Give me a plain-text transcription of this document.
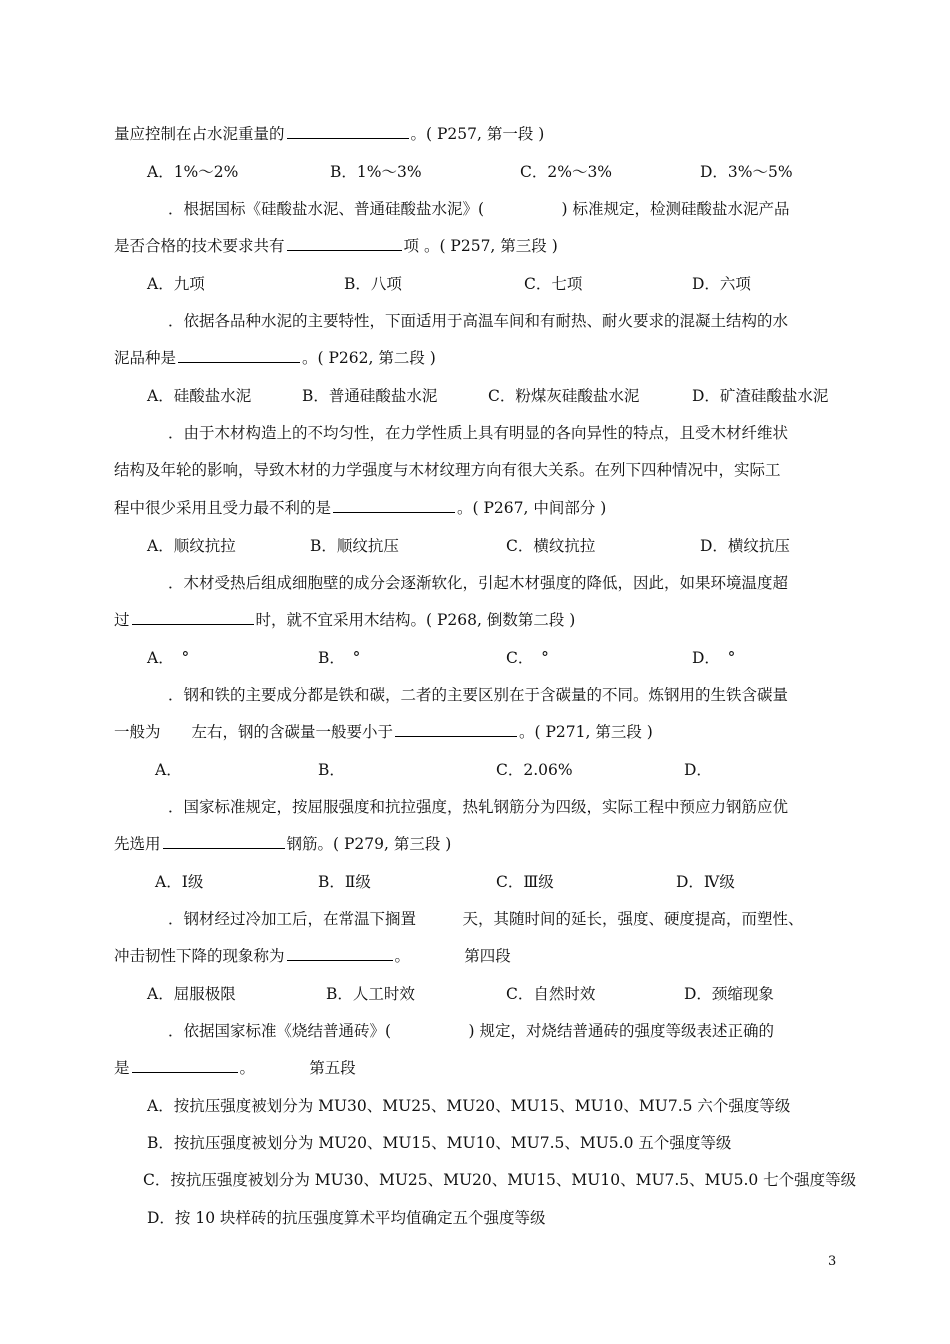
量应控制在占水泥重量的	。( P257, 第一段 )
A．1%～2%	B．1%～3%	C．2%～3%	D．3%～5%
．根据国标《硅酸盐水泥、普通硅酸盐水泥》(　　　　　) 标准规定，检测硅酸盐水泥产品
是否合格的技术要求共有	项 。( P257, 第三段 )
A．九项	B．八项	C．七项	D．六项
．依据各品种水泥的主要特性，下面适用于高温车间和有耐热、耐火要求的混凝土结构的水
泥品种是	。( P262, 第二段 )
A．硅酸盐水泥	B．普通硅酸盐水泥	C．粉煤灰硅酸盐水泥	D．矿渣硅酸盐水泥
．由于木材构造上的不均匀性，在力学性质上具有明显的各向异性的特点，且受木材纤维状
结构及年轮的影响，导致木材的力学强度与木材纹理方向有很大关系。在列下四种情况中，实际工
程中很少采用且受力最不利的是	。( P267, 中间部分 )
A．顺纹抗拉	B．顺纹抗压	C．横纹抗拉	D．横纹抗压
．木材受热后组成细胞壁的成分会逐渐软化，引起木材强度的降低，因此，如果环境温度超
过	时，就不宜采用木结构。( P268, 倒数第二段 )
A．　°	B．　°	C．　°	D．　°
．钢和铁的主要成分都是铁和碳，二者的主要区别在于含碳量的不同。炼钢用的生铁含碳量
一般为　　左右，钢的含碳量一般要小于	。( P271, 第三段 )
A．	B．	C．2.06%	D．
．国家标准规定，按屈服强度和抗拉强度，热轧钢筋分为四级，实际工程中预应力钢筋应优
先选用	钢筋。( P279, 第三段 )
A．Ⅰ级	B．Ⅱ级	C．Ⅲ级	D．Ⅳ级
．钢材经过冷加工后，在常温下搁置　　　天，其随时间的延长，强度、硬度提高，而塑性、
冲击韧性下降的现象称为	。　　　　第四段
A．屈服极限	B．人工时效	C．自然时效	D．颈缩现象
．依据国家标准《烧结普通砖》(　　　　　) 规定，对烧结普通砖的强度等级表述正确的
是	。　　　　第五段
A．按抗压强度被划分为 MU30、MU25、MU20、MU15、MU10、MU7.5 六个强度等级
B．按抗压强度被划分为 MU20、MU15、MU10、MU7.5、MU5.0 五个强度等级
C．按抗压强度被划分为 MU30、MU25、MU20、MU15、MU10、MU7.5、MU5.0 七个强度等级
D．按 10 块样砖的抗压强度算术平均值确定五个强度等级
3
